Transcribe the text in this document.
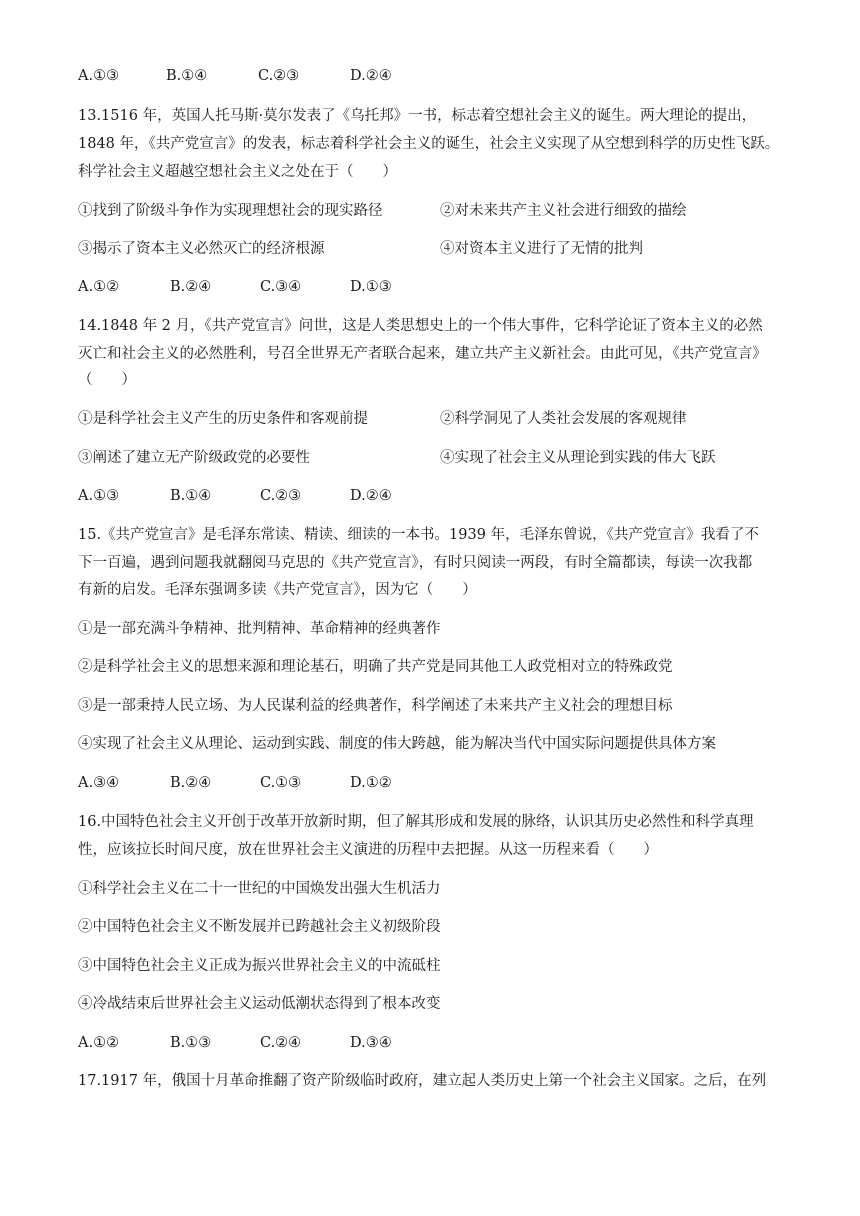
A.①③	B.①④	C.②③	D.②④
13.1516 年，英国人托马斯·莫尔发表了《乌托邦》一书，标志着空想社会主义的诞生。两大理论的提出，
1848 年，《共产党宣言》的发表，标志着科学社会主义的诞生，社会主义实现了从空想到科学的历史性飞跃。
科学社会主义超越空想社会主义之处在于（　　）
①找到了阶级斗争作为实现理想社会的现实路径	②对未来共产主义社会进行细致的描绘
③揭示了资本主义必然灭亡的经济根源	④对资本主义进行了无情的批判
A.①②	B.②④	C.③④	D.①③
14.1848 年 2 月，《共产党宣言》问世，这是人类思想史上的一个伟大事件，它科学论证了资本主义的必然
灭亡和社会主义的必然胜利，号召全世界无产者联合起来，建立共产主义新社会。由此可见，《共产党宣言》
（　　）
①是科学社会主义产生的历史条件和客观前提	②科学洞见了人类社会发展的客观规律
③阐述了建立无产阶级政党的必要性	④实现了社会主义从理论到实践的伟大飞跃
A.①③	B.①④	C.②③	D.②④
15.《共产党宣言》是毛泽东常读、精读、细读的一本书。1939 年，毛泽东曾说，《共产党宣言》我看了不
下一百遍，遇到问题我就翻阅马克思的《共产党宣言》，有时只阅读一两段，有时全篇都读，每读一次我都
有新的启发。毛泽东强调多读《共产党宣言》，因为它（　　）
①是一部充满斗争精神、批判精神、革命精神的经典著作
②是科学社会主义的思想来源和理论基石，明确了共产党是同其他工人政党相对立的特殊政党
③是一部秉持人民立场、为人民谋利益的经典著作，科学阐述了未来共产主义社会的理想目标
④实现了社会主义从理论、运动到实践、制度的伟大跨越，能为解决当代中国实际问题提供具体方案
A.③④	B.②④	C.①③	D.①②
16.中国特色社会主义开创于改革开放新时期，但了解其形成和发展的脉络，认识其历史必然性和科学真理
性，应该拉长时间尺度，放在世界社会主义演进的历程中去把握。从这一历程来看（　　）
①科学社会主义在二十一世纪的中国焕发出强大生机活力
②中国特色社会主义不断发展并已跨越社会主义初级阶段
③中国特色社会主义正成为振兴世界社会主义的中流砥柱
④冷战结束后世界社会主义运动低潮状态得到了根本改变
A.①②	B.①③	C.②④	D.③④
17.1917 年，俄国十月革命推翻了资产阶级临时政府，建立起人类历史上第一个社会主义国家。之后，在列
